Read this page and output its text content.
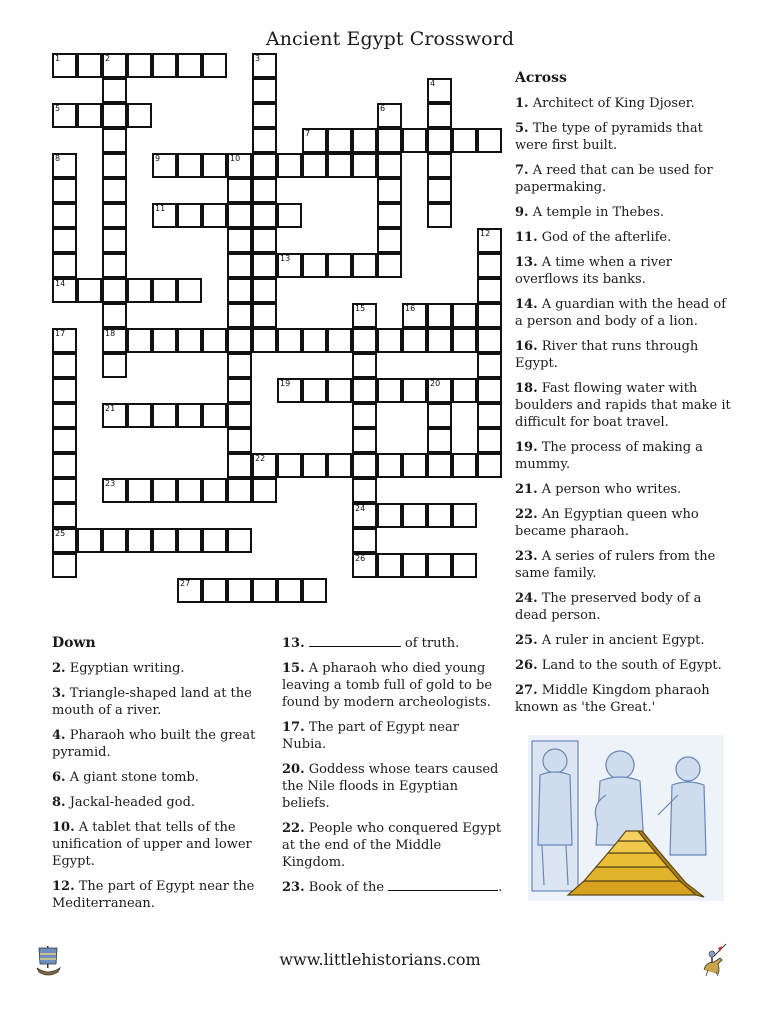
Ancient Egypt Crossword
1	2	3
4
5	6
7
8	9	10
11
12
13
14
15	16
17	18
19	20
21
22
23
24
25
26
27
Across
1. Architect of King Djoser.
5. The type of pyramids that were first built.
7. A reed that can be used for papermaking.
9. A temple in Thebes.
11. God of the afterlife.
13. A time when a river overflows its banks.
14. A guardian with the head of a person and body of a lion.
16. River that runs through Egypt.
18. Fast flowing water with boulders and rapids that make it difficult for boat travel.
19. The process of making a mummy.
21. A person who writes.
22. An Egyptian queen who became pharaoh.
23. A series of rulers from the same family.
24. The preserved body of a dead person.
25. A ruler in ancient Egypt.
26. Land to the south of Egypt.
27. Middle Kingdom pharaoh known as 'the Great.'
Down
2. Egyptian writing.
3. Triangle-shaped land at the mouth of a river.
4. Pharaoh who built the great pyramid.
6. A giant stone tomb.
8. Jackal-headed god.
10. A tablet that tells of the unification of upper and lower Egypt.
12. The part of Egypt near the Mediterranean.
13.	of truth.
15. A pharaoh who died young leaving a tomb full of gold to be found by modern archeologists.
17. The part of Egypt near Nubia.
20. Goddess whose tears caused the Nile floods in Egyptian beliefs.
22. People who conquered Egypt at the end of the Middle Kingdom.
23. Book of the	.
www.littlehistorians.com
